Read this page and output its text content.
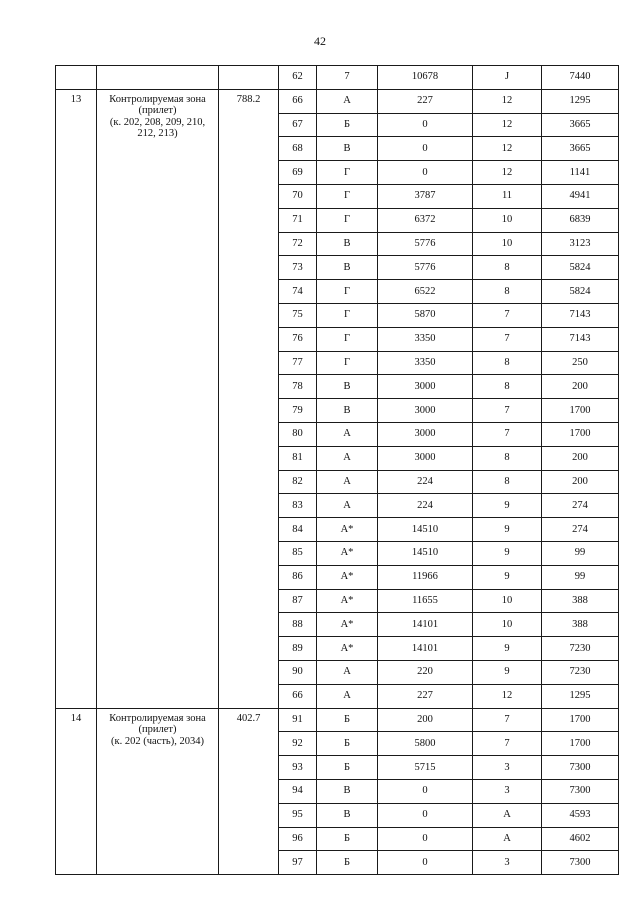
42
			62	7	10678	J	7440
13	Контролируемая зона
(прилет)
(к. 202, 208, 209, 210,
212, 213)	788.2	66	А	227	12	1295
			67	Б	0	12	3665
			68	В	0	12	3665
			69	Г	0	12	1141
			70	Г	3787	11	4941
			71	Г	6372	10	6839
			72	В	5776	10	3123
			73	В	5776	8	5824
			74	Г	6522	8	5824
			75	Г	5870	7	7143
			76	Г	3350	7	7143
			77	Г	3350	8	250
			78	В	3000	8	200
			79	В	3000	7	1700
			80	А	3000	7	1700
			81	А	3000	8	200
			82	А	224	8	200
			83	А	224	9	274
			84	А*	14510	9	274
			85	А*	14510	9	99
			86	А*	11966	9	99
			87	А*	11655	10	388
			88	А*	14101	10	388
			89	А*	14101	9	7230
			90	А	220	9	7230
			66	А	227	12	1295
14	Контролируемая зона
(прилет)
(к. 202 (часть), 2034)	402.7	91	Б	200	7	1700
			92	Б	5800	7	1700
			93	Б	5715	3	7300
			94	В	0	3	7300
			95	В	0	А	4593
			96	Б	0	А	4602
			97	Б	0	3	7300
